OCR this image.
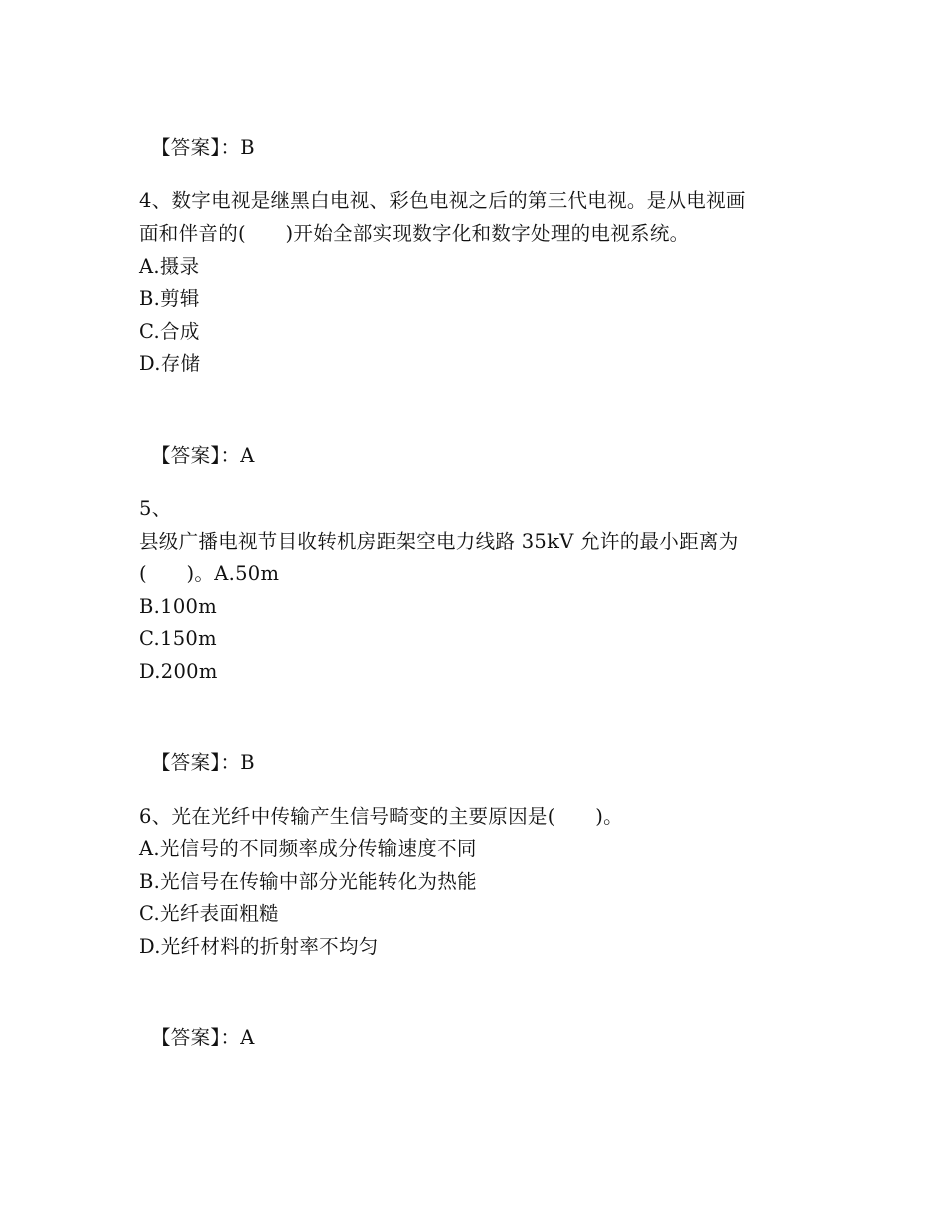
【答案】：B

4、数字电视是继黑白电视、彩色电视之后的第三代电视。是从电视画
面和伴音的(　　)开始全部实现数字化和数字处理的电视系统。
A.摄录
B.剪辑
C.合成
D.存储

【答案】：A

5、
县级广播电视节目收转机房距架空电力线路 35kV 允许的最小距离为
(　　)。A.50m
B.100m
C.150m
D.200m

【答案】：B

6、光在光纤中传输产生信号畸变的主要原因是(　　)。
A.光信号的不同频率成分传输速度不同
B.光信号在传输中部分光能转化为热能
C.光纤表面粗糙
D.光纤材料的折射率不均匀

【答案】：A
